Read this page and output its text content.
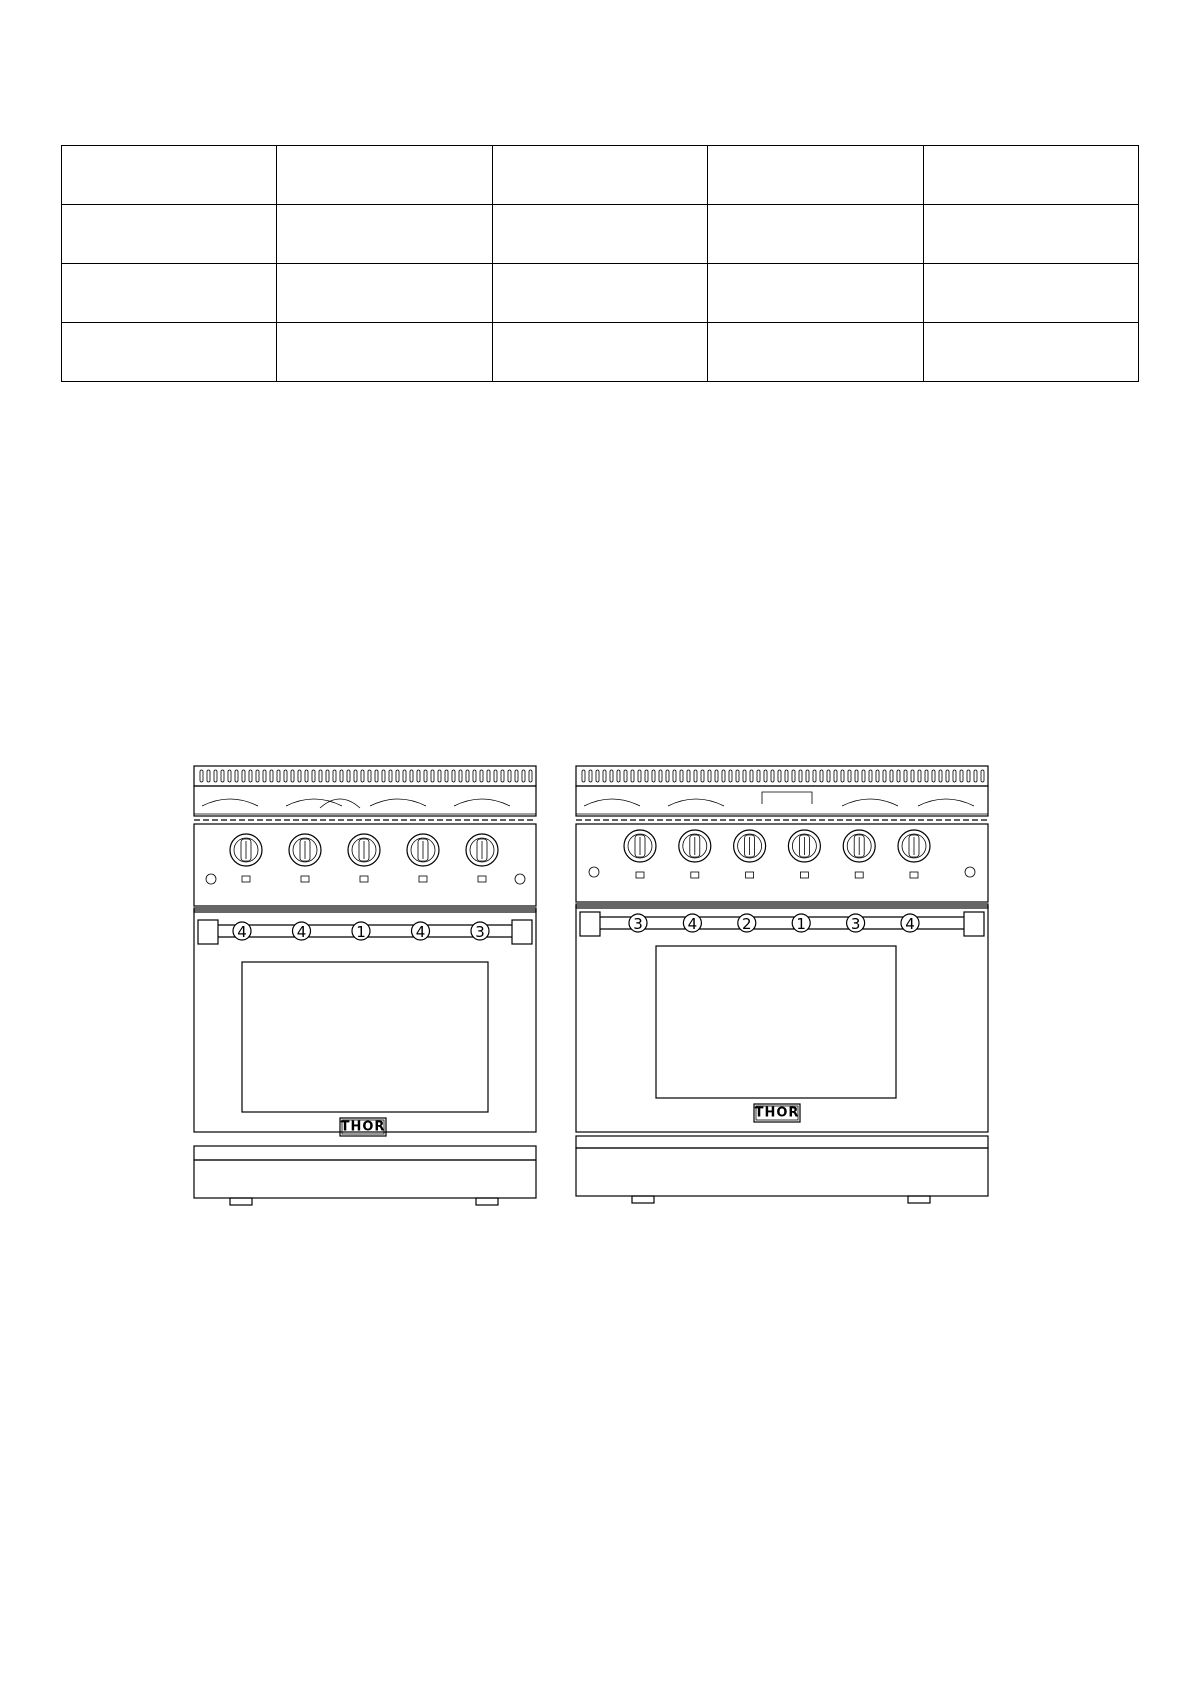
4	4	1	4	3
THOR
3	4	2	1	3	4
THOR
